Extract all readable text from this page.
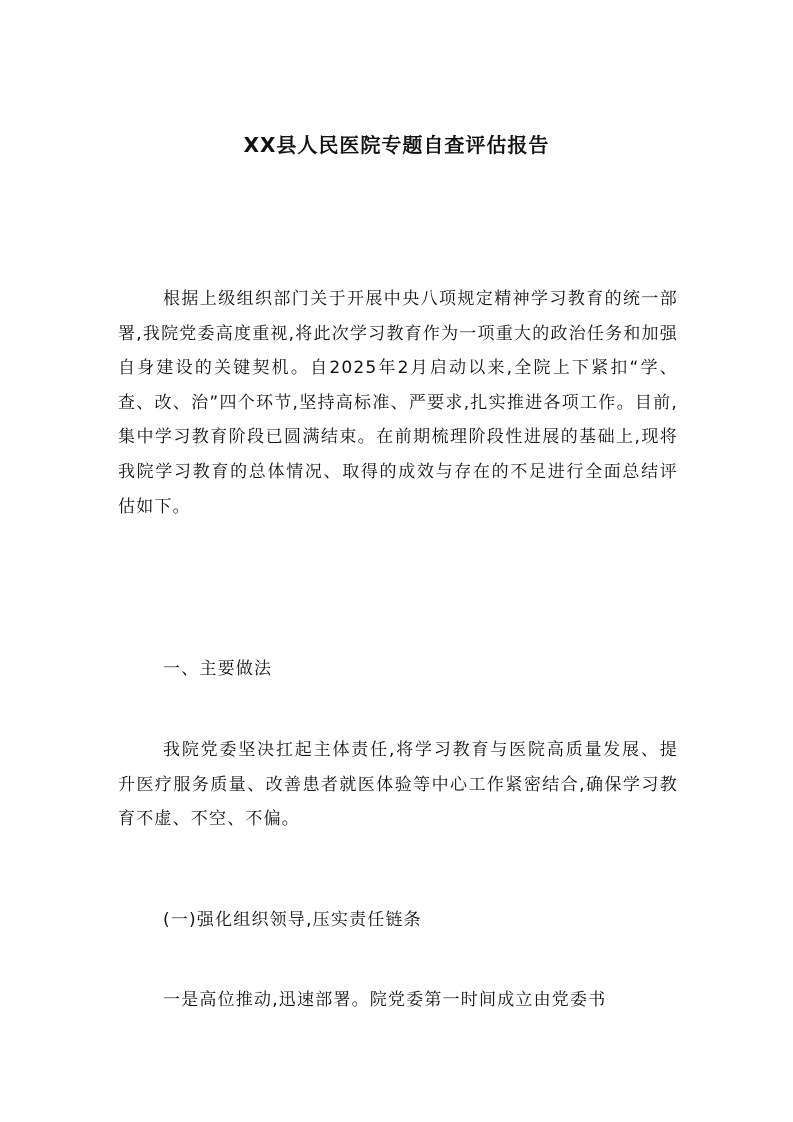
XX县人民医院专题自查评估报告

根据上级组织部门关于开展中央八项规定精神学习教育的统一部署,我院党委高度重视,将此次学习教育作为一项重大的政治任务和加强自身建设的关键契机。自2025年2月启动以来,全院上下紧扣“学、查、改、治”四个环节,坚持高标准、严要求,扎实推进各项工作。目前,集中学习教育阶段已圆满结束。在前期梳理阶段性进展的基础上,现将我院学习教育的总体情况、取得的成效与存在的不足进行全面总结评估如下。

一、主要做法

我院党委坚决扛起主体责任,将学习教育与医院高质量发展、提升医疗服务质量、改善患者就医体验等中心工作紧密结合,确保学习教育不虚、不空、不偏。

(一)强化组织领导,压实责任链条

一是高位推动,迅速部署。院党委第一时间成立由党委书
